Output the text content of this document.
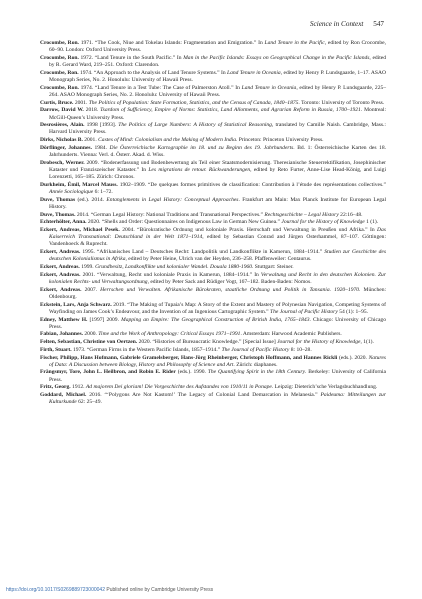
Science in Context 547

Crocombe, Ron. 1971. “The Cook, Niue and Tokelau Islands: Fragmentation and Emigration.” In Land Tenure in the Pacific, edited by Ron Crocombe, 60–90. London: Oxford University Press.

Crocombe, Ron. 1972. “Land Tenure in the South Pacific.” In Man in the Pacific Islands: Essays on Geographical Change in the Pacific Islands, edited by R. Gerard Ward, 219–251. Oxford: Clarendon.

Crocombe, Ron. 1974. “An Approach to the Analysis of Land Tenure Systems.” In Land Tenure in Oceania, edited by Henry P. Lundsgaarde, 1–17. ASAO Monograph Series, No. 2. Honolulu: University of Hawaii Press.

Crocombe, Ron. 1974. “Land Tenure in a Test Tube: The Case of Palmerston Atoll.” In Land Tenure in Oceania, edited by Henry P. Lundsgaarde, 225–264. ASAO Monograph Series, No. 2. Honolulu: University of Hawaii Press.

Curtis, Bruce. 2001. The Politics of Population: State Formation, Statistics, and the Census of Canada, 1840–1875. Toronto: University of Toronto Press.

Darrow, David W. 2018. Tsardom of Sufficiency, Empire of Norms: Statistics, Land Allotments, and Agrarian Reform in Russia, 1700–1921. Montreal: McGill-Queen’s University Press.

Desrosières, Alain. 1998 [1993]. The Politics of Large Numbers: A History of Statistical Reasoning, translated by Camille Naish. Cambridge, Mass.: Harvard University Press.

Dirks, Nicholas B. 2001. Castes of Mind: Colonialism and the Making of Modern India. Princeton: Princeton University Press.

Dörflinger, Johannes. 1984. Die Österreichische Kartographie im 18. und zu Beginn des 19. Jahrhunderts. Bd. 1: Österreichische Karten des 18. Jahrhunderts. Vienna: Verl. d. Österr. Akad. d. Wiss.

Drobesch, Werner. 2009. “Bodenerfassung und Bodenbewertung als Teil einer Staatsmodernisierung. Theresianische Steuerrektifikation, Josephinischer Kataster und Franziszeischer Kataster.” In Les migrations de retour. Rückwanderungen, edited by Reto Furter, Anne-Lise Head-König, and Luigi Lorenzetti, 165–185. Zürich: Chronos.

Durkheim, Émil, Marcel Mauss. 1902–1909. “De quelques formes primitives de classification: Contribution à l’étude des représentations collectives.” Année Sociologique 6: 1–72.

Duve, Thomas (ed.). 2014. Entanglements in Legal History: Conceptual Approaches. Frankfurt am Main: Max Planck Institute for European Legal History.

Duve, Thomas. 2014. “German Legal History: National Traditions and Transnational Perspectives.” Rechtsgeschichte – Legal History 22:16–48.

Echterhölter, Anna. 2020. “Shells and Order: Questionnaires on Indigenous Law in German New Guinea.” Journal for the History of Knowledge 1 (1).

Eckert, Andreas, Michael Pesek. 2004. “Bürokratische Ordnung und koloniale Praxis. Herrschaft und Verwaltung in Preußen und Afrika.” In Das Kaiserreich Transnational: Deutschland in der Welt 1871–1914, edited by Sebastian Conrad and Jürgen Osterhammel, 87–107. Göttingen: Vandenhoeck & Ruprecht.

Eckert, Andreas. 1995. “Afrikanisches Land – Deutsches Recht: Landpolitik und Landkonflikte in Kamerun, 1884–1914.” Studien zur Geschichte des deutschen Kolonialismus in Afrika, edited by Peter Heine, Ulrich van der Heyden, 236–258. Pfaffenweiler: Centaurus.

Eckert, Andreas. 1999. Grundbesitz, Landkonflikte und kolonialer Wandel. Douala 1880-1960. Stuttgart: Steiner.

Eckert, Andreas. 2001. “Verwaltung, Recht und koloniale Praxis in Kamerun, 1884–1914.” In Verwaltung und Recht in den deutschen Kolonien. Zur kolonialen Rechts- und Verwaltungsordnung, edited by Peter Sack and Rüdiger Vogt, 167–182. Baden-Baden: Nomos.

Eckert, Andreas. 2007. Herrschen und Verwalten. Afrikanische Bürokraten, staatliche Ordnung und Politik in Tansania. 1920–1970. München: Oldenbourg.

Eckstein, Lars, Anja Schwarz. 2019. “The Making of Tupaia’s Map: A Story of the Extent and Mastery of Polynesian Navigation, Competing Systems of Wayfinding on James Cook’s Endeavour, and the Invention of an Ingenious Cartographic System.” The Journal of Pacific History 54 (1): 1–95.

Edney, Matthew H. [1997] 2009. Mapping an Empire: The Geographical Construction of British India, 1765–1843. Chicago: University of Chicago Press.

Fabian, Johannes. 2000. Time and the Work of Anthropology: Critical Essays 1971–1991. Amsterdam: Harwood Academic Publishers.

Felten, Sebastian, Christine von Oertzen. 2020. “Histories of Bureaucratic Knowledge.” [Special Issue] Journal for the History of Knowledge, 1(1).

Firth, Stuart. 1973. “German Firms in the Western Pacific Islands, 1857–1914.” The Journal of Pacific History 8: 10–28.

Fischer, Philipp, Hans Hofmann, Gabriele Gramelsberger, Hans-Jörg Rheinberger, Christoph Hoffmann, and Hannes Rickli (eds.). 2020. Natures of Data: A Discussion between Biology, History and Philosophy of Science and Art. Zürich: diaphanes.

Frängsmyr, Tore, John L. Heilbron, and Robin E. Rider (eds.). 1990. The Quantifying Spirit in the 18th Century. Berkeley: University of California Press.

Fritz, Georg. 1912. Ad majorem Dei gloriam! Die Vorgeschichte des Aufstandes von 1910/11 in Ponape. Leipzig: Dieterich’sche Verlagsbuchhandlung.

Goddard, Michael. 2016. “‘Polygons Are Not Kastom!’ The Legacy of Colonial Land Demarcation in Melanesia.” Paideuma: Mitteilungen zur Kulturkunde 62: 25–49.

https://doi.org/10.1017/S0269889723000042 Published online by Cambridge University Press
